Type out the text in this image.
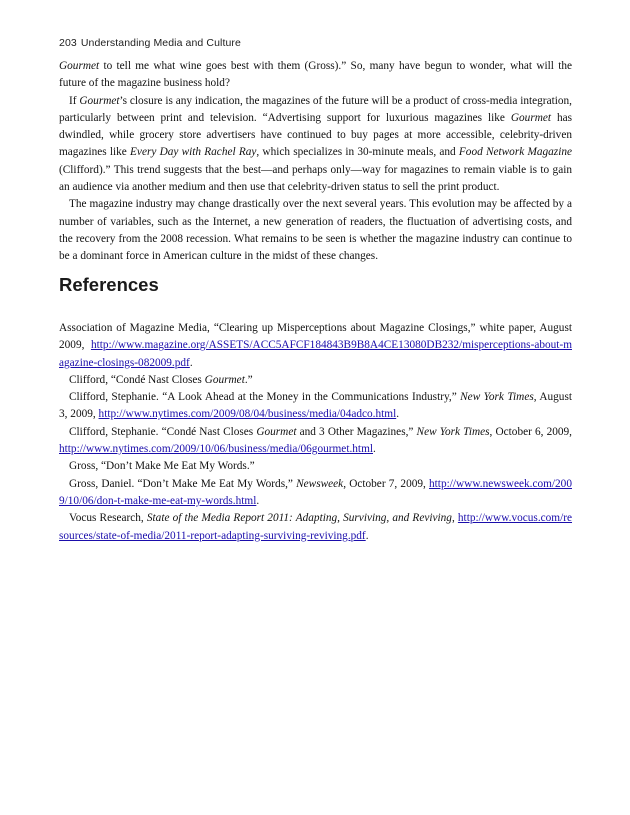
203 Understanding Media and Culture

Gourmet to tell me what wine goes best with them (Gross).” So, many have begun to wonder, what will the future of the magazine business hold?

If Gourmet’s closure is any indication, the magazines of the future will be a product of cross-media integration, particularly between print and television. “Advertising support for luxurious magazines like Gourmet has dwindled, while grocery store advertisers have continued to buy pages at more accessible, celebrity-driven magazines like Every Day with Rachel Ray, which specializes in 30-minute meals, and Food Network Magazine (Clifford).” This trend suggests that the best—and perhaps only—way for magazines to remain viable is to gain an audience via another medium and then use that celebrity-driven status to sell the print product.

The magazine industry may change drastically over the next several years. This evolution may be affected by a number of variables, such as the Internet, a new generation of readers, the fluctuation of advertising costs, and the recovery from the 2008 recession. What remains to be seen is whether the magazine industry can continue to be a dominant force in American culture in the midst of these changes.

References

Association of Magazine Media, “Clearing up Misperceptions about Magazine Closings,” white paper, August 2009, http://www.magazine.org/ASSETS/ACC5AFCF184843B9B8A4CE13080DB232/misperceptions-about-magazine-closings-082009.pdf.

Clifford, “Condé Nast Closes Gourmet.”

Clifford, Stephanie. “A Look Ahead at the Money in the Communications Industry,” New York Times, August 3, 2009, http://www.nytimes.com/2009/08/04/business/media/04adco.html.

Clifford, Stephanie. “Condé Nast Closes Gourmet and 3 Other Magazines,” New York Times, October 6, 2009, http://www.nytimes.com/2009/10/06/business/media/06gourmet.html.

Gross, “Don’t Make Me Eat My Words.”

Gross, Daniel. “Don’t Make Me Eat My Words,” Newsweek, October 7, 2009, http://www.newsweek.com/2009/10/06/don-t-make-me-eat-my-words.html.

Vocus Research, State of the Media Report 2011: Adapting, Surviving, and Reviving, http://www.vocus.com/resources/state-of-media/2011-report-adapting-surviving-reviving.pdf.
